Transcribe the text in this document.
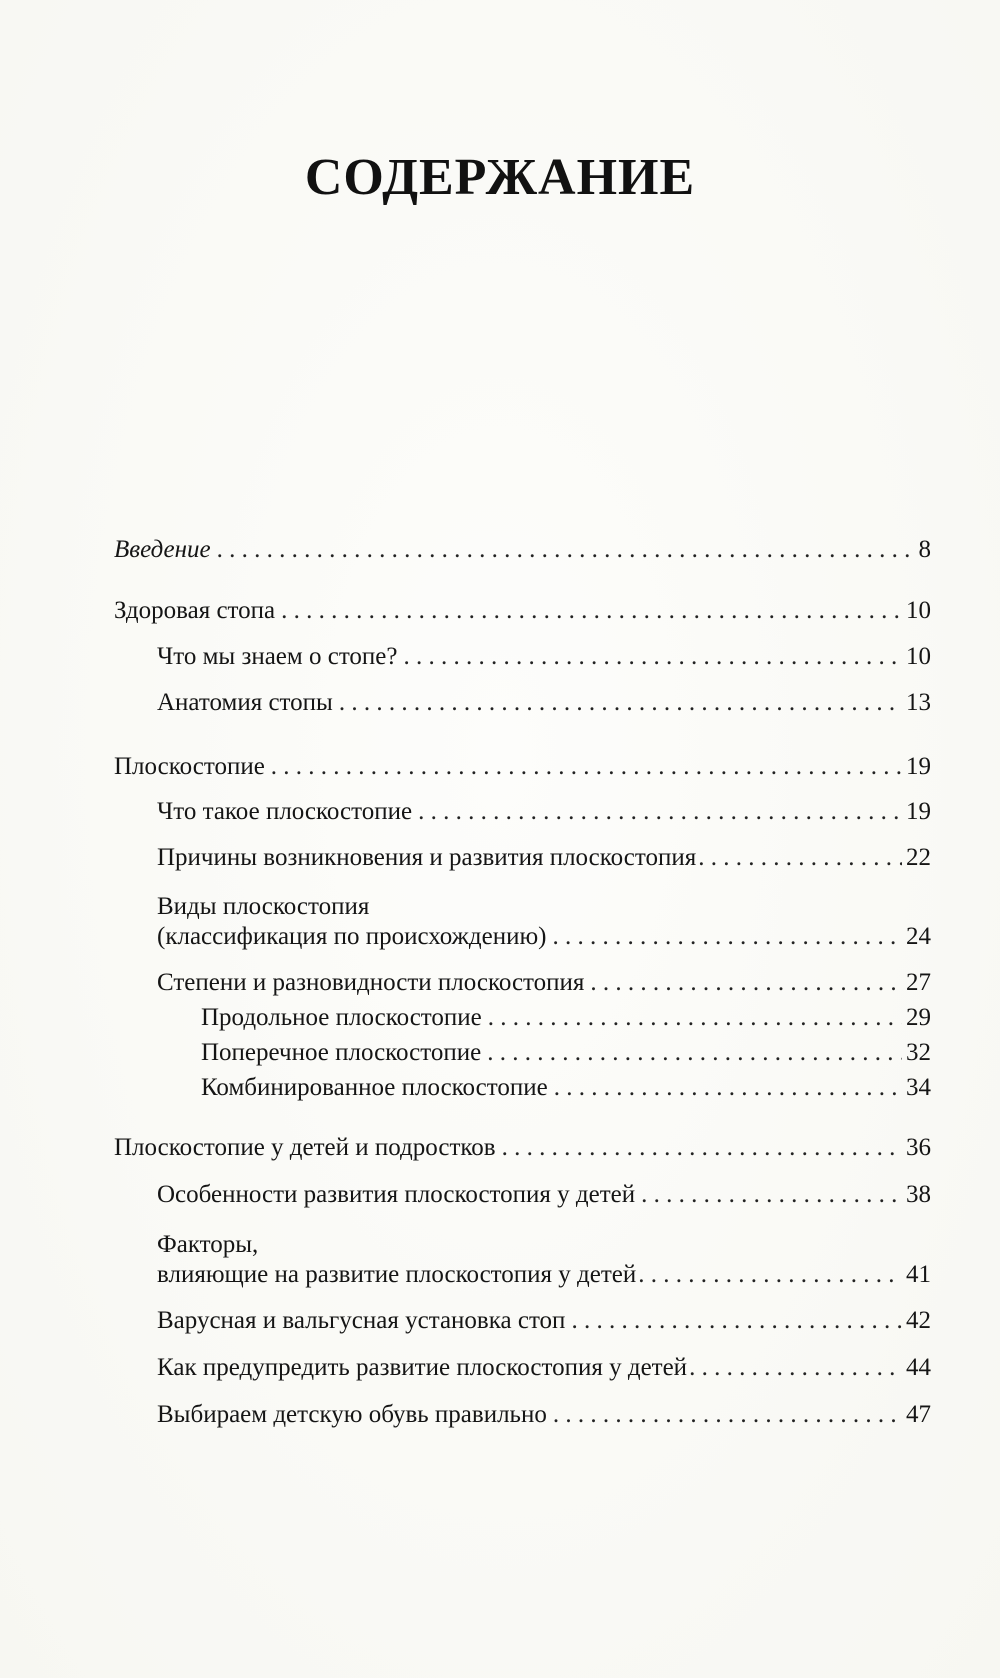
СОДЕРЖАНИЕ
Введение . . .	8
Здоровая стопа . . .	10
Что мы знаем о стопе? . . .	10
Анатомия стопы . . .	13
Плоскостопие . . .	19
Что такое плоскостопие . . .	19
Причины возникновения и развития плоскостопия . . .	22
Виды плоскостопия
(классификация по происхождению) . . .	24
Степени и разновидности плоскостопия . . .	27
Продольное плоскостопие . . .	29
Поперечное плоскостопие . . .	32
Комбинированное плоскостопие . . .	34
Плоскостопие у детей и подростков . . .	36
Особенности развития плоскостопия у детей . . .	38
Факторы,
влияющие на развитие плоскостопия у детей . . .	41
Варусная и вальгусная установка стоп . . .	42
Как предупредить развитие плоскостопия у детей . . .	44
Выбираем детскую обувь правильно . . .	47
